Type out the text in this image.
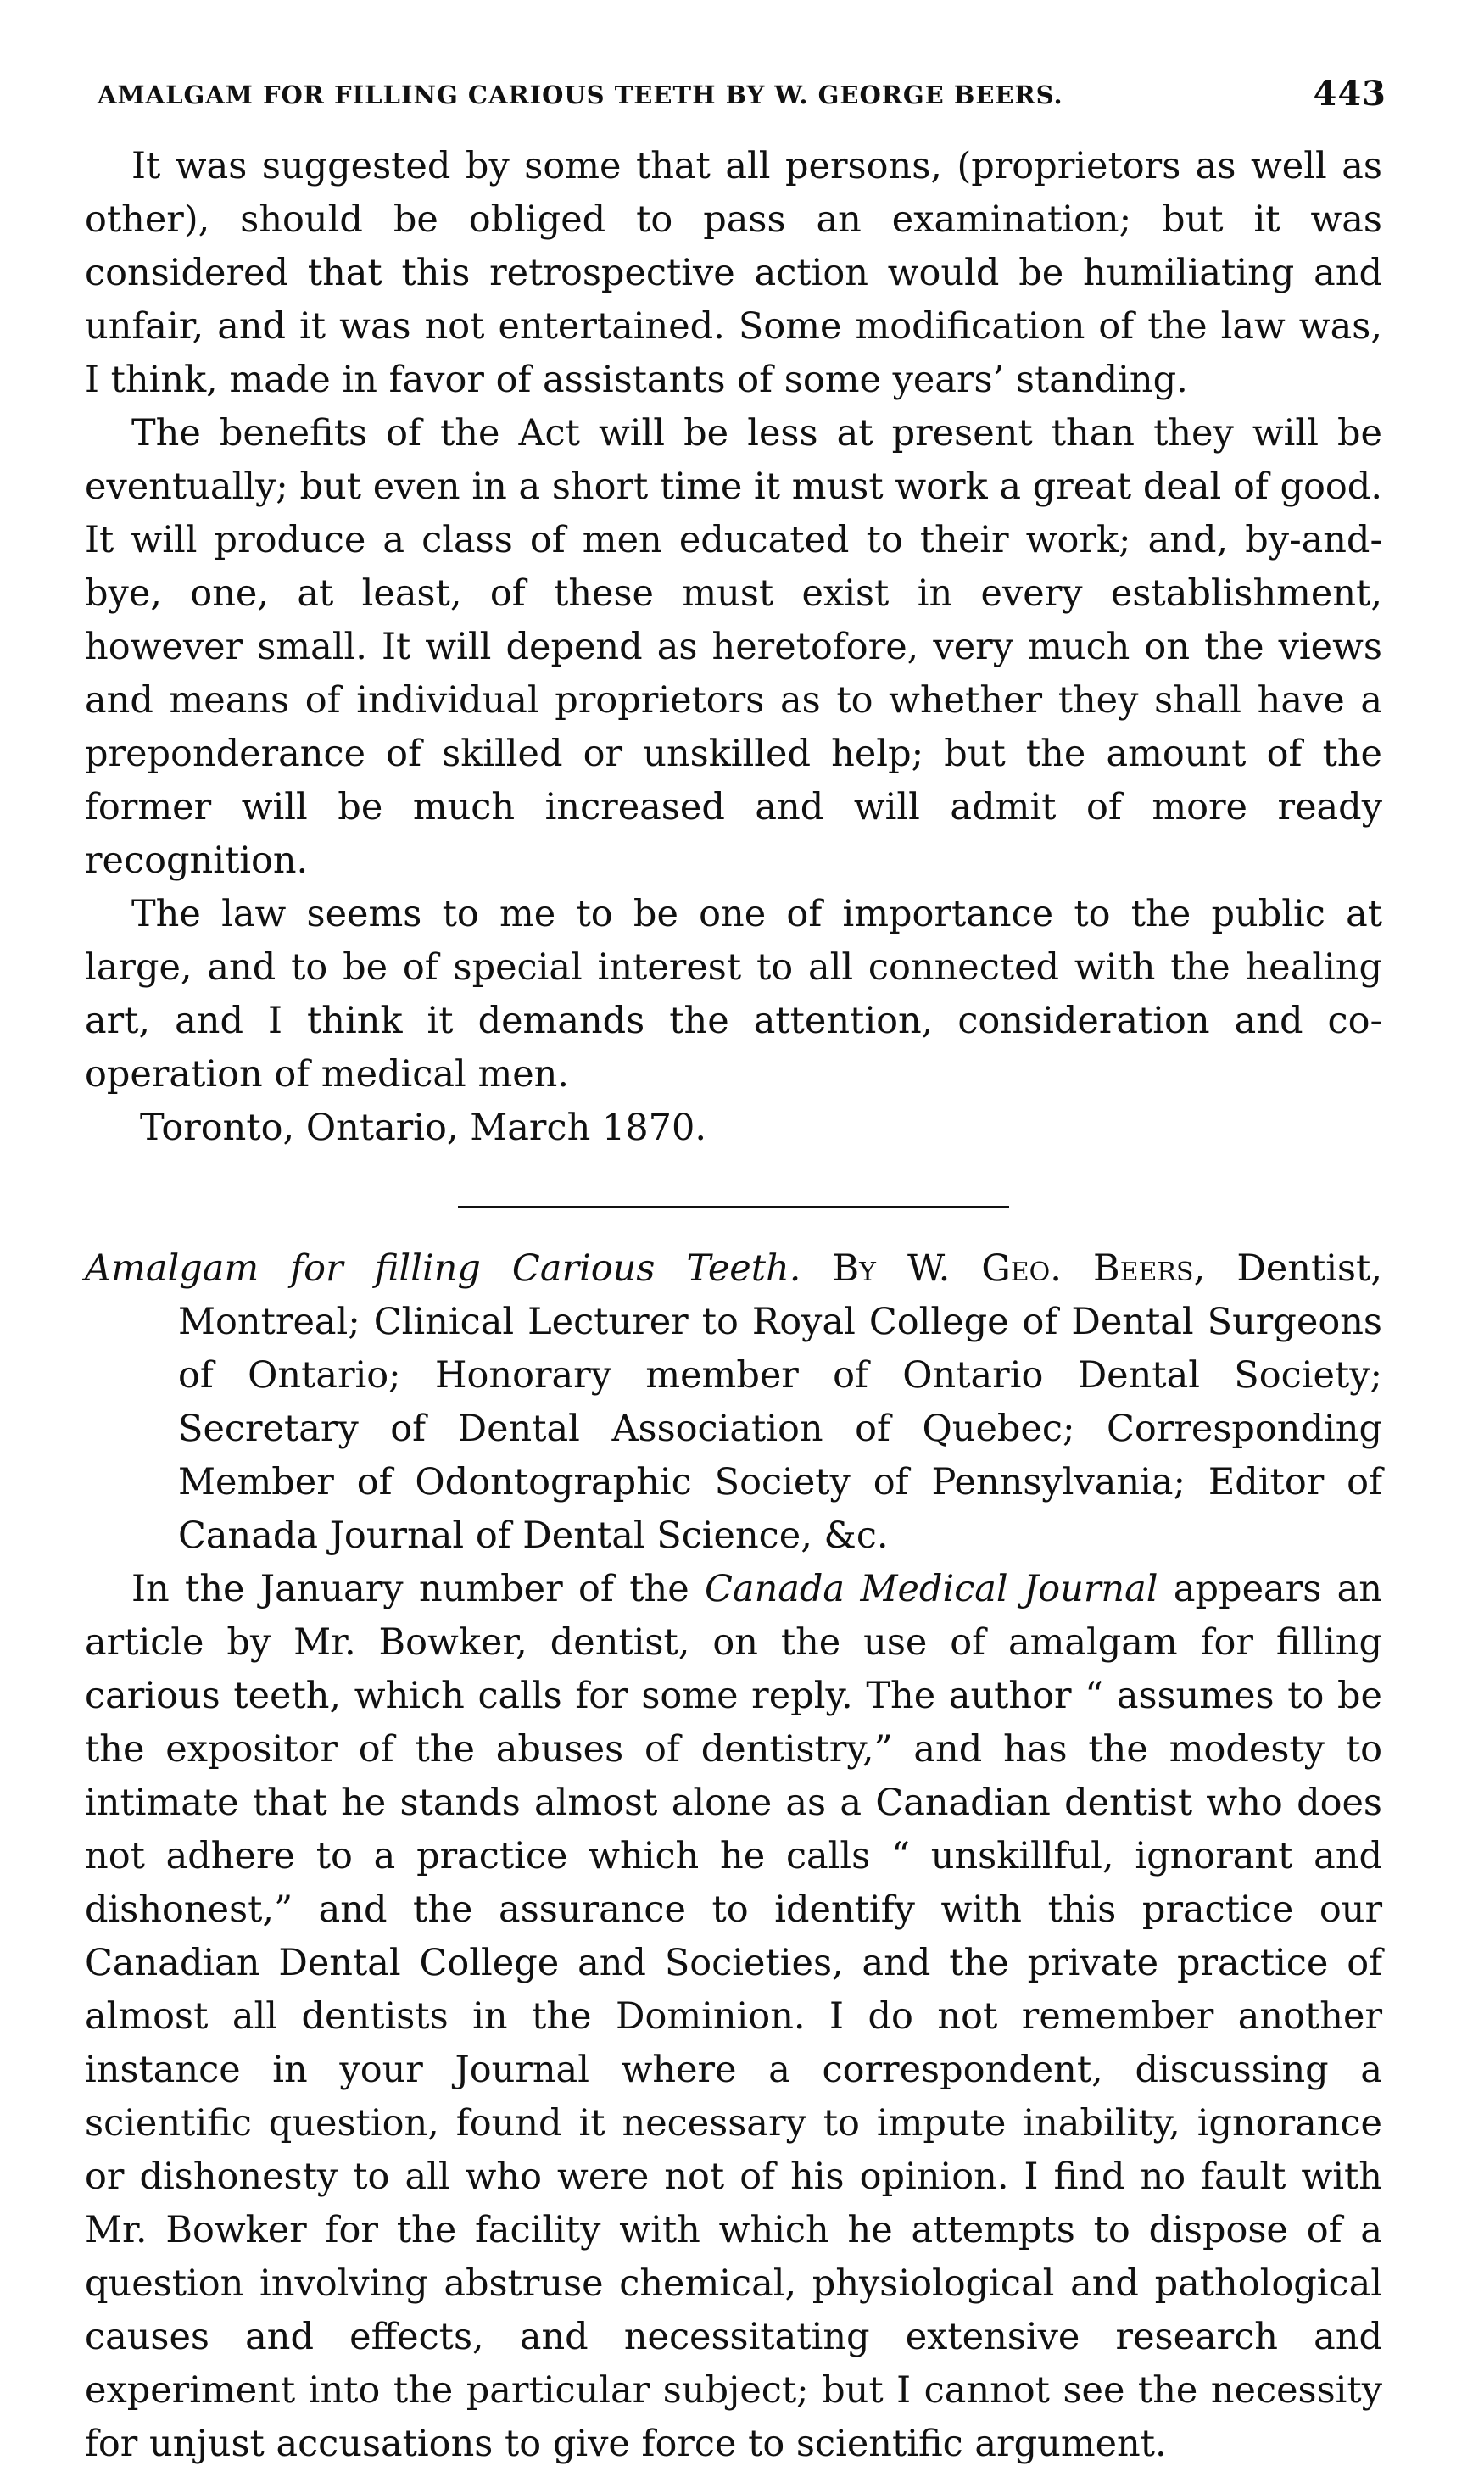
AMALGAM FOR FILLING CARIOUS TEETH BY W. GEORGE BEERS.	443

It was suggested by some that all persons, (proprietors as well as other), should be obliged to pass an examination; but it was considered that this retrospective action would be humiliating and unfair, and it was not entertained. Some modification of the law was, I think, made in favor of assistants of some years’ standing.

The benefits of the Act will be less at present than they will be eventually; but even in a short time it must work a great deal of good. It will produce a class of men educated to their work; and, by-and-bye, one, at least, of these must exist in every establishment, however small. It will depend as heretofore, very much on the views and means of individual proprietors as to whether they shall have a preponderance of skilled or unskilled help; but the amount of the former will be much increased and will admit of more ready recognition.

The law seems to me to be one of importance to the public at large, and to be of special interest to all connected with the healing art, and I think it demands the attention, consideration and co-operation of medical men.

Toronto, Ontario, March 1870.

Amalgam for filling Carious Teeth. By W. Geo. Beers, Dentist, Montreal; Clinical Lecturer to Royal College of Dental Surgeons of Ontario; Honorary member of Ontario Dental Society; Secretary of Dental Association of Quebec; Corresponding Member of Odontographic Society of Pennsylvania; Editor of Canada Journal of Dental Science, &c.

In the January number of the Canada Medical Journal appears an article by Mr. Bowker, dentist, on the use of amalgam for filling carious teeth, which calls for some reply. The author “ assumes to be the expositor of the abuses of dentistry,” and has the modesty to intimate that he stands almost alone as a Canadian dentist who does not adhere to a practice which he calls “ unskillful, ignorant and dishonest,” and the assurance to identify with this practice our Canadian Dental College and Societies, and the private practice of almost all dentists in the Dominion. I do not remember another instance in your Journal where a correspondent, discussing a scientific question, found it necessary to impute inability, ignorance or dishonesty to all who were not of his opinion. I find no fault with Mr. Bowker for the facility with which he attempts to dispose of a question involving abstruse chemical, physiological and pathological causes and effects, and necessitating extensive research and experiment into the particular subject; but I cannot see the necessity for unjust accusations to give force to scientific argument.
